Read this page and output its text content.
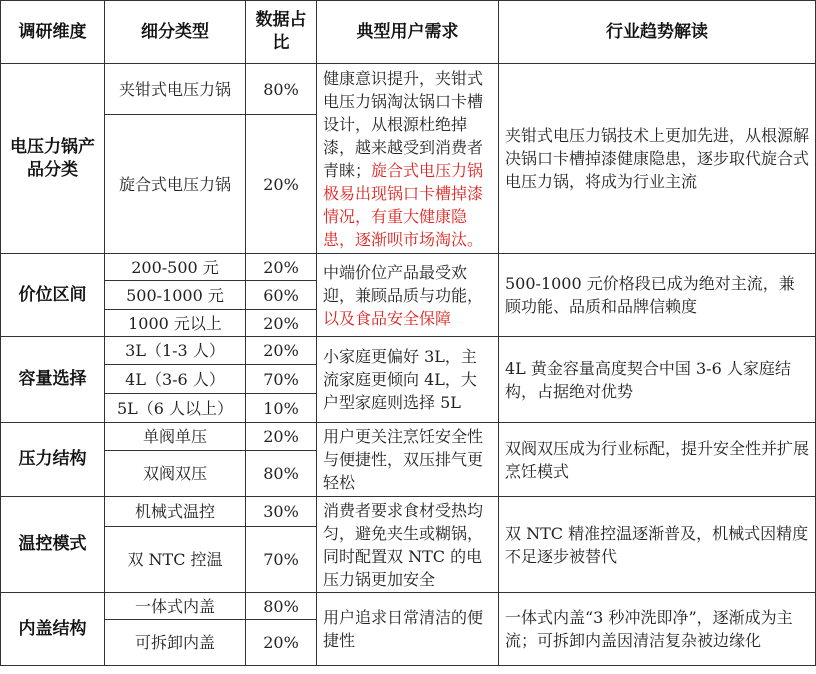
调研维度	细分类型	数据占比	典型用户需求	行业趋势解读
电压力锅产品分类	夹钳式电压力锅	80%	健康意识提升，夹钳式电压力锅淘汰锅口卡槽设计，从根源杜绝掉漆，越来越受到消费者青睐；旋合式电压力锅极易出现锅口卡槽掉漆情况，有重大健康隐患，逐渐呗市场淘汰。	夹钳式电压力锅技术上更加先进，从根源解决锅口卡槽掉漆健康隐患，逐步取代旋合式电压力锅，将成为行业主流
	旋合式电压力锅	20%		
价位区间	200-500 元	20%	中端价位产品最受欢迎，兼顾品质与功能，以及食品安全保障	500-1000 元价格段已成为绝对主流，兼顾功能、品质和品牌信赖度
	500-1000 元	60%		
	1000 元以上	20%		
容量选择	3L（1-3 人）	20%	小家庭更偏好 3L，主流家庭更倾向 4L，大户型家庭则选择 5L	4L 黄金容量高度契合中国 3-6 人家庭结构，占据绝对优势
	4L（3-6 人）	70%		
	5L（6 人以上）	10%		
压力结构	单阀单压	20%	用户更关注烹饪安全性与便捷性，双压排气更轻松	双阀双压成为行业标配，提升安全性并扩展烹饪模式
	双阀双压	80%		
温控模式	机械式温控	30%	消费者要求食材受热均匀，避免夹生或糊锅，同时配置双 NTC 的电压力锅更加安全	双 NTC 精准控温逐渐普及，机械式因精度不足逐步被替代
	双 NTC 控温	70%		
内盖结构	一体式内盖	80%	用户追求日常清洁的便捷性	一体式内盖“3 秒冲洗即净”，逐渐成为主流；可拆卸内盖因清洁复杂被边缘化
	可拆卸内盖	20%		
